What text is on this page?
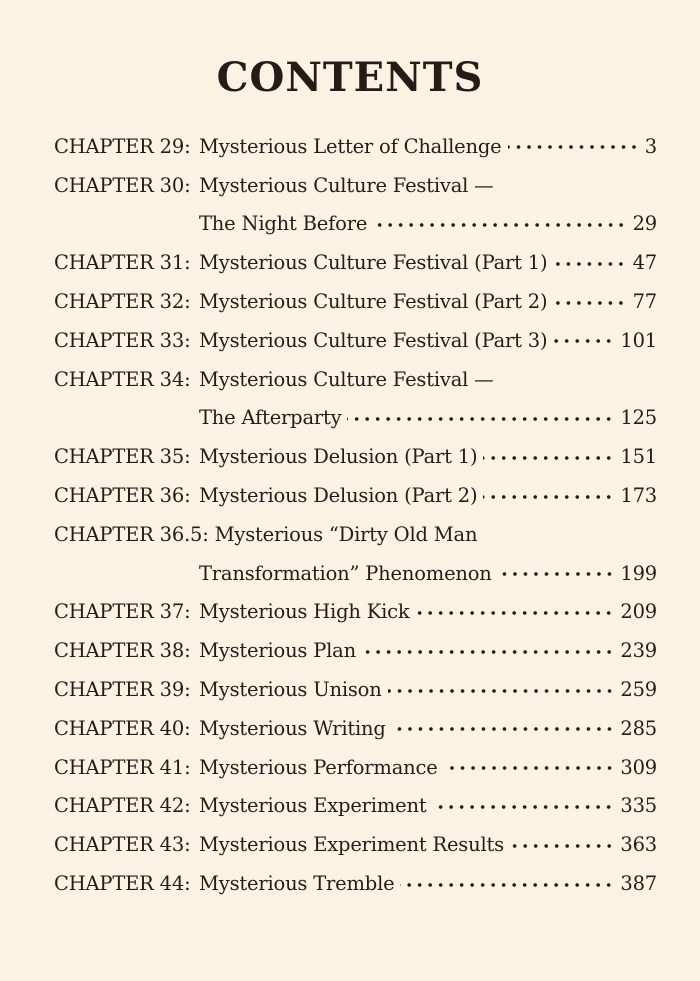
CONTENTS
CHAPTER 29: Mysterious Letter of Challenge	3
CHAPTER 30: Mysterious Culture Festival —
The Night Before	29
CHAPTER 31: Mysterious Culture Festival (Part 1)	47
CHAPTER 32: Mysterious Culture Festival (Part 2)	77
CHAPTER 33: Mysterious Culture Festival (Part 3)	101
CHAPTER 34: Mysterious Culture Festival —
The Afterparty	125
CHAPTER 35: Mysterious Delusion (Part 1)	151
CHAPTER 36: Mysterious Delusion (Part 2)	173
CHAPTER 36.5: Mysterious “Dirty Old Man
Transformation” Phenomenon	199
CHAPTER 37: Mysterious High Kick	209
CHAPTER 38: Mysterious Plan	239
CHAPTER 39: Mysterious Unison	259
CHAPTER 40: Mysterious Writing	285
CHAPTER 41: Mysterious Performance	309
CHAPTER 42: Mysterious Experiment	335
CHAPTER 43: Mysterious Experiment Results	363
CHAPTER 44: Mysterious Tremble	387
